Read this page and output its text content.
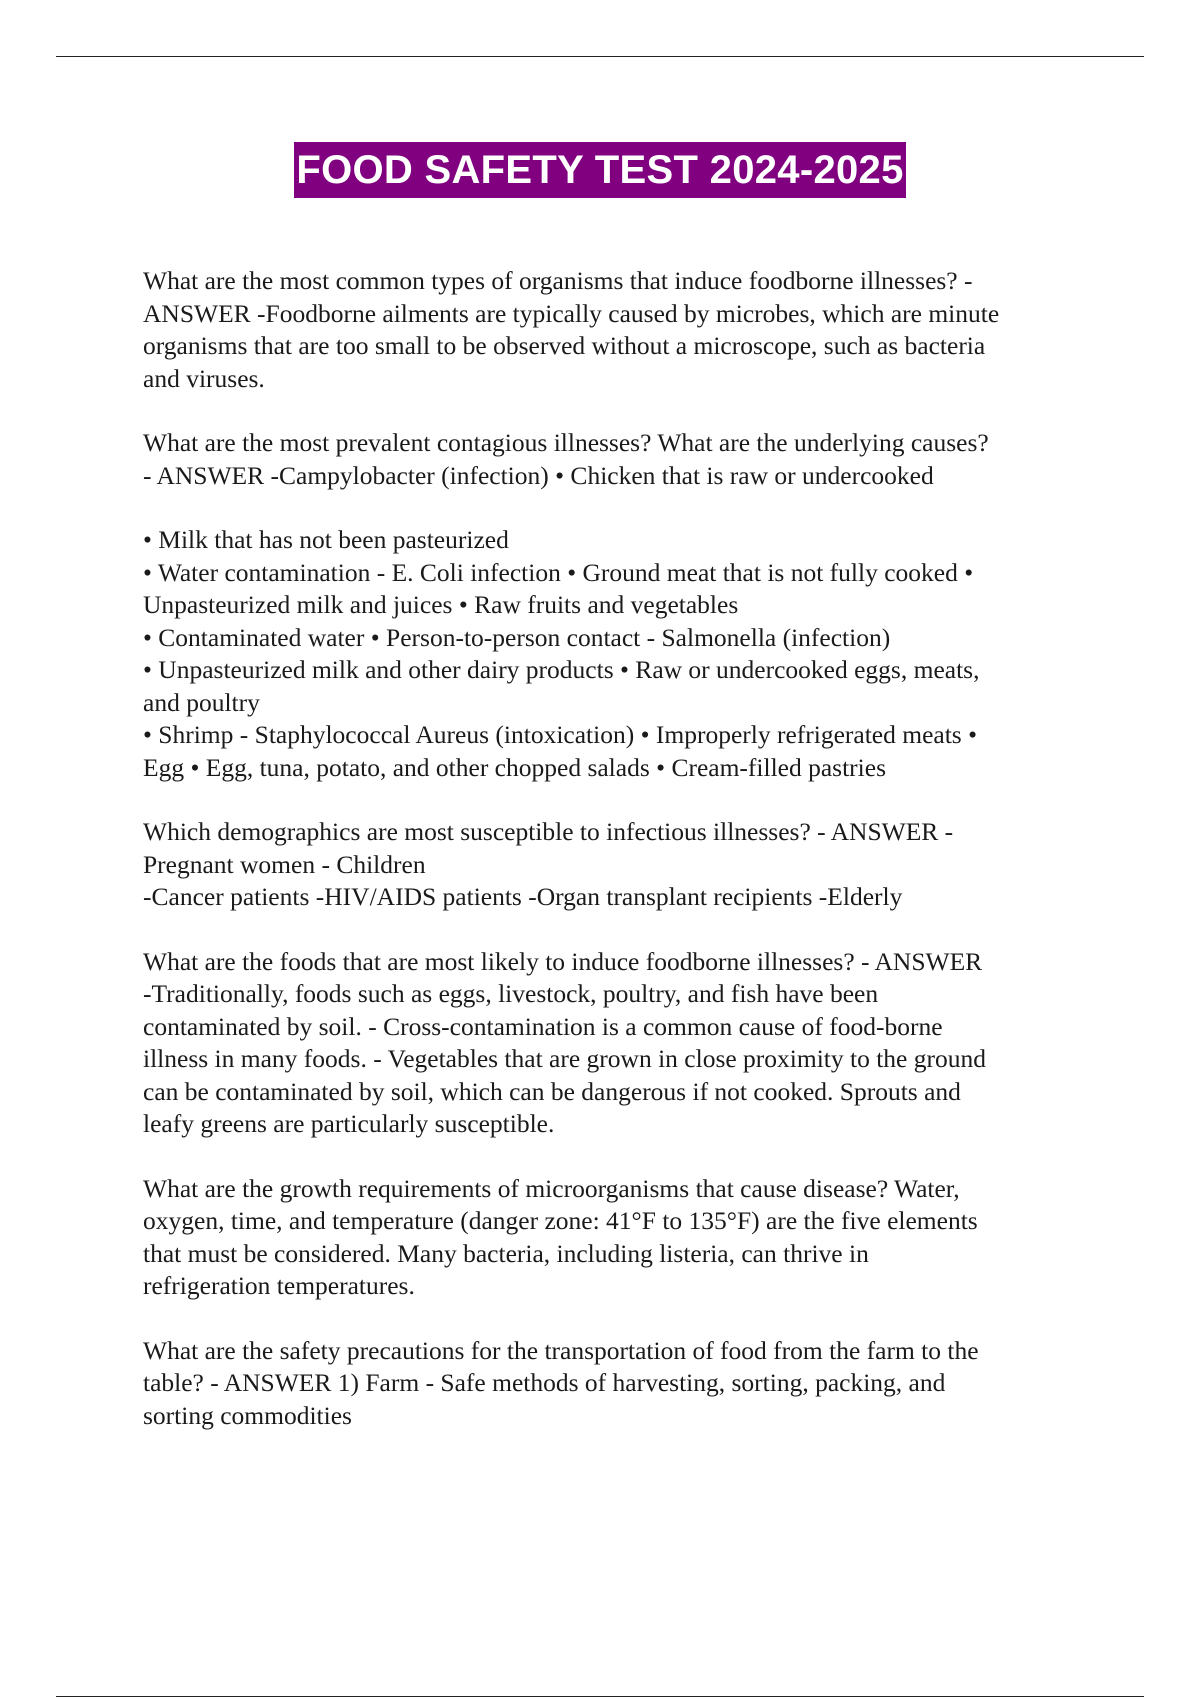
FOOD SAFETY TEST 2024-2025
What are the most common types of organisms that induce foodborne illnesses? -
ANSWER -Foodborne ailments are typically caused by microbes, which are minute
organisms that are too small to be observed without a microscope, such as bacteria
and viruses.
What are the most prevalent contagious illnesses? What are the underlying causes?
- ANSWER -Campylobacter (infection) • Chicken that is raw or undercooked
• Milk that has not been pasteurized
• Water contamination - E. Coli infection • Ground meat that is not fully cooked •
Unpasteurized milk and juices • Raw fruits and vegetables
• Contaminated water • Person-to-person contact - Salmonella (infection)
• Unpasteurized milk and other dairy products • Raw or undercooked eggs, meats,
and poultry
• Shrimp - Staphylococcal Aureus (intoxication) • Improperly refrigerated meats •
Egg • Egg, tuna, potato, and other chopped salads • Cream-filled pastries
Which demographics are most susceptible to infectious illnesses? - ANSWER -
Pregnant women - Children
-Cancer patients -HIV/AIDS patients -Organ transplant recipients -Elderly
What are the foods that are most likely to induce foodborne illnesses? - ANSWER
-Traditionally, foods such as eggs, livestock, poultry, and fish have been
contaminated by soil. - Cross-contamination is a common cause of food-borne
illness in many foods. - Vegetables that are grown in close proximity to the ground
can be contaminated by soil, which can be dangerous if not cooked. Sprouts and
leafy greens are particularly susceptible.
What are the growth requirements of microorganisms that cause disease? Water,
oxygen, time, and temperature (danger zone: 41°F to 135°F) are the five elements
that must be considered. Many bacteria, including listeria, can thrive in
refrigeration temperatures.
What are the safety precautions for the transportation of food from the farm to the
table? - ANSWER 1) Farm - Safe methods of harvesting, sorting, packing, and
sorting commodities
